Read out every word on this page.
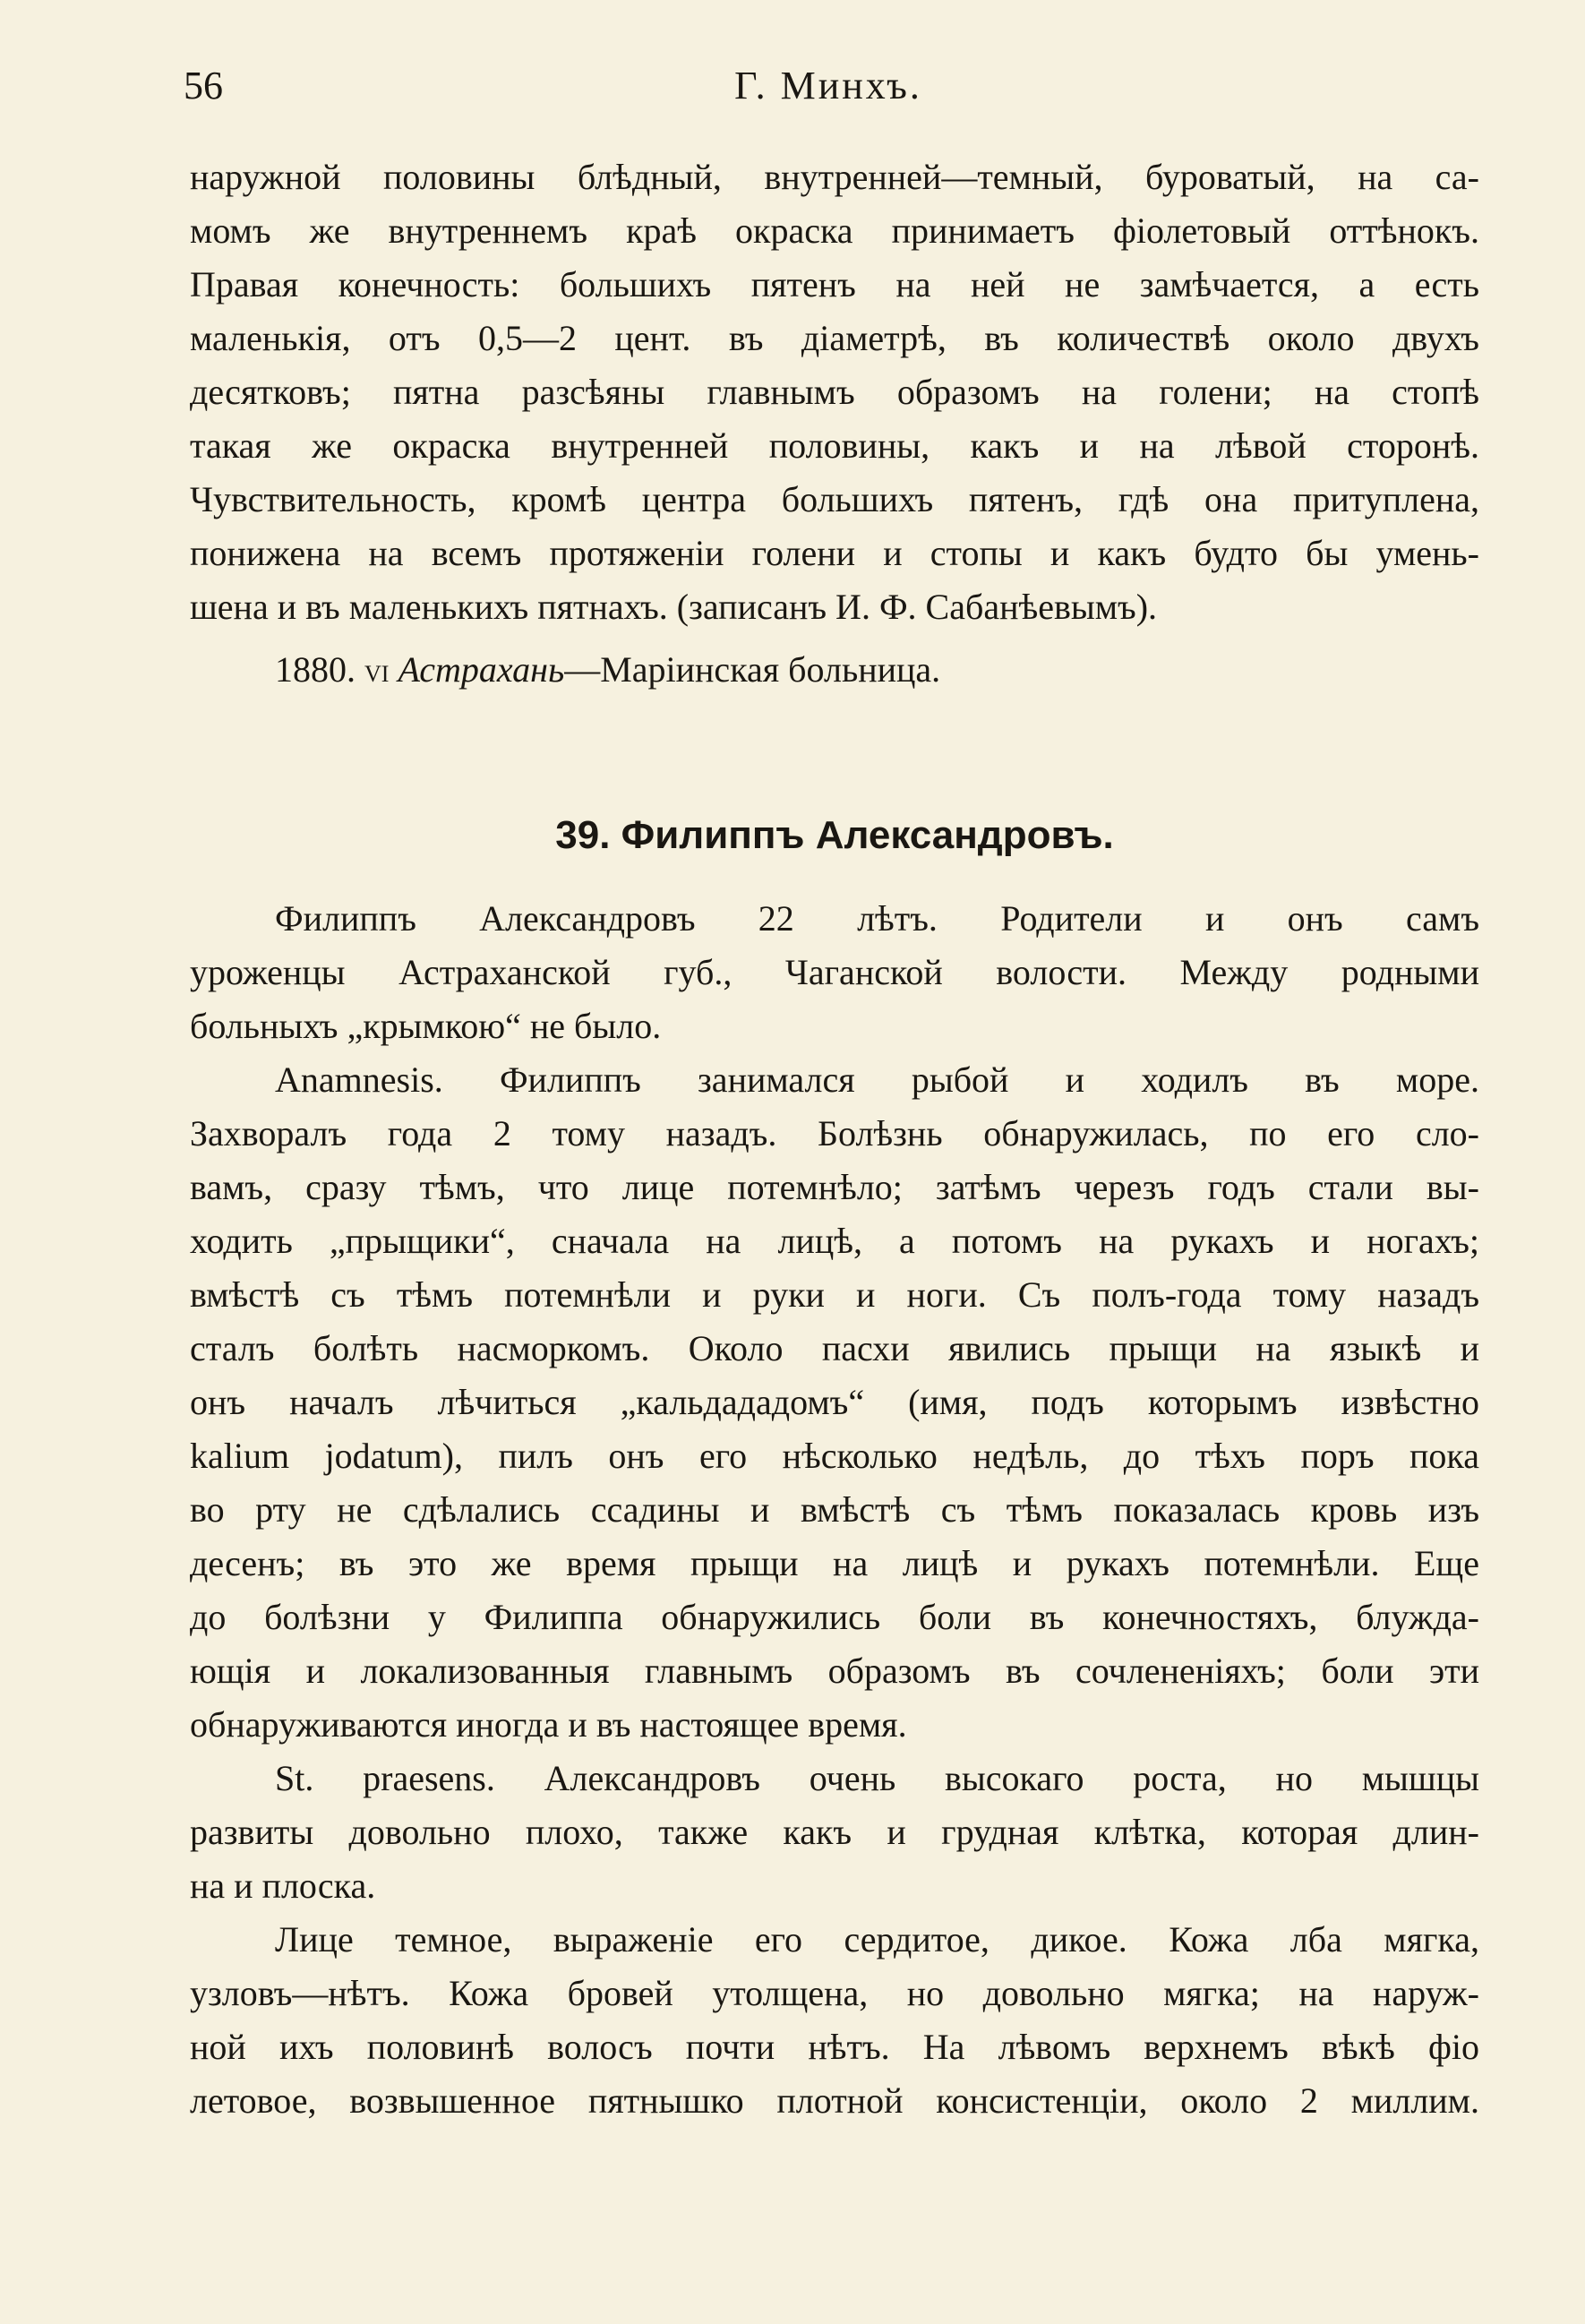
56	Г. Минхъ.
наружной половины блѣдный, внутренней—темный, буроватый, на са-
момъ же внутреннемъ краѣ окраска принимаетъ фіолетовый оттѣнокъ.
Правая конечность: большихъ пятенъ на ней не замѣчается, а есть
маленькія, отъ 0,5—2 цент. въ діаметрѣ, въ количествѣ около двухъ
десятковъ; пятна разсѣяны главнымъ образомъ на голени; на стопѣ
такая же окраска внутренней половины, какъ и на лѣвой сторонѣ.
Чувствительность, кромѣ центра большихъ пятенъ, гдѣ она притуплена,
понижена на всемъ протяженіи голени и стопы и какъ будто бы умень-
шена и въ маленькихъ пятнахъ. (записанъ И. Ф. Сабанѣевымъ).
1880. VI Астрахань—Маріинская больница.
39. Филиппъ Александровъ.
Филиппъ Александровъ 22 лѣтъ. Родители и онъ самъ
уроженцы Астраханской губ., Чаганской волости. Между родными
больныхъ „крымкою“ не было.
Anamnesis. Филиппъ занимался рыбой и ходилъ въ море.
Захворалъ года 2 тому назадъ. Болѣзнь обнаружилась, по его сло-
вамъ, сразу тѣмъ, что лице потемнѣло; затѣмъ черезъ годъ стали вы-
ходить „прыщики“, сначала на лицѣ, а потомъ на рукахъ и ногахъ;
вмѣстѣ съ тѣмъ потемнѣли и руки и ноги. Съ полъ-года тому назадъ
сталъ болѣть насморкомъ. Около пасхи явились прыщи на языкѣ и
онъ началъ лѣчиться „кальдададомъ“ (имя, подъ которымъ извѣстно
kalium jodatum), пилъ онъ его нѣсколько недѣль, до тѣхъ поръ пока
во рту не сдѣлались ссадины и вмѣстѣ съ тѣмъ показалась кровь изъ
десенъ; въ это же время прыщи на лицѣ и рукахъ потемнѣли. Еще
до болѣзни у Филиппа обнаружились боли въ конечностяхъ, блужда-
ющія и локализованныя главнымъ образомъ въ сочлененіяхъ; боли эти
обнаруживаются иногда и въ настоящее время.
St. praesens. Александровъ очень высокаго роста, но мышцы
развиты довольно плохо, также какъ и грудная клѣтка, которая длин-
на и плоска.
Лице темное, выраженіе его сердитое, дикое. Кожа лба мягка,
узловъ—нѣтъ. Кожа бровей утолщена, но довольно мягка; на наруж-
ной ихъ половинѣ волосъ почти нѣтъ. На лѣвомъ верхнемъ вѣкѣ фіо
летовое, возвышенное пятнышко плотной консистенціи, около 2 миллим.
